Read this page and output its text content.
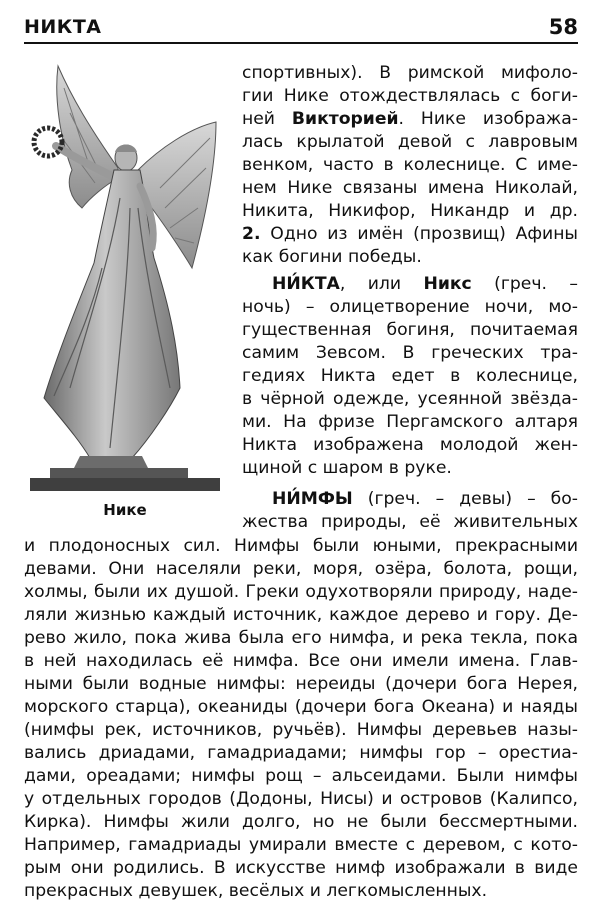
НИКТА	58
Нике
спортивных). В римской мифоло-
гии Нике отождествлялась с боги-
ней Викторией. Нике изобража-
лась крылатой девой с лавровым
венком, часто в колеснице. С име-
нем Нике связаны имена Николай,
Никита, Никифор, Никандр и др.
2. Одно из имён (прозвищ) Афины
как богини победы.
НИ́КТА, или Никс (греч. –
ночь) – олицетворение ночи, мо-
гущественная богиня, почитаемая
самим Зевсом. В греческих тра-
гедиях Никта едет в колеснице,
в чёрной одежде, усеянной звёзда-
ми. На фризе Пергамского алтаря
Никта изображена молодой жен-
щиной с шаром в руке.
НИ́МФЫ (греч. – девы) – бо-
жества природы, её живительных
и плодоносных сил. Нимфы были юными, прекрасными
девами. Они населяли реки, моря, озёра, болота, рощи,
холмы, были их душой. Греки одухотворяли природу, наде-
ляли жизнью каждый источник, каждое дерево и гору. Де-
рево жило, пока жива была его нимфа, и река текла, пока
в ней находилась её нимфа. Все они имели имена. Глав-
ными были водные нимфы: нереиды (дочери бога Нерея,
морского старца), океаниды (дочери бога Океана) и наяды
(нимфы рек, источников, ручьёв). Нимфы деревьев назы-
вались дриадами, гамадриадами; нимфы гор – орестиа-
дами, ореадами; нимфы рощ – альсеидами. Были нимфы
у отдельных городов (Додоны, Нисы) и островов (Калипсо,
Кирка). Нимфы жили долго, но не были бессмертными.
Например, гамадриады умирали вместе с деревом, с кото-
рым они родились. В искусстве нимф изображали в виде
прекрасных девушек, весёлых и легкомысленных.
